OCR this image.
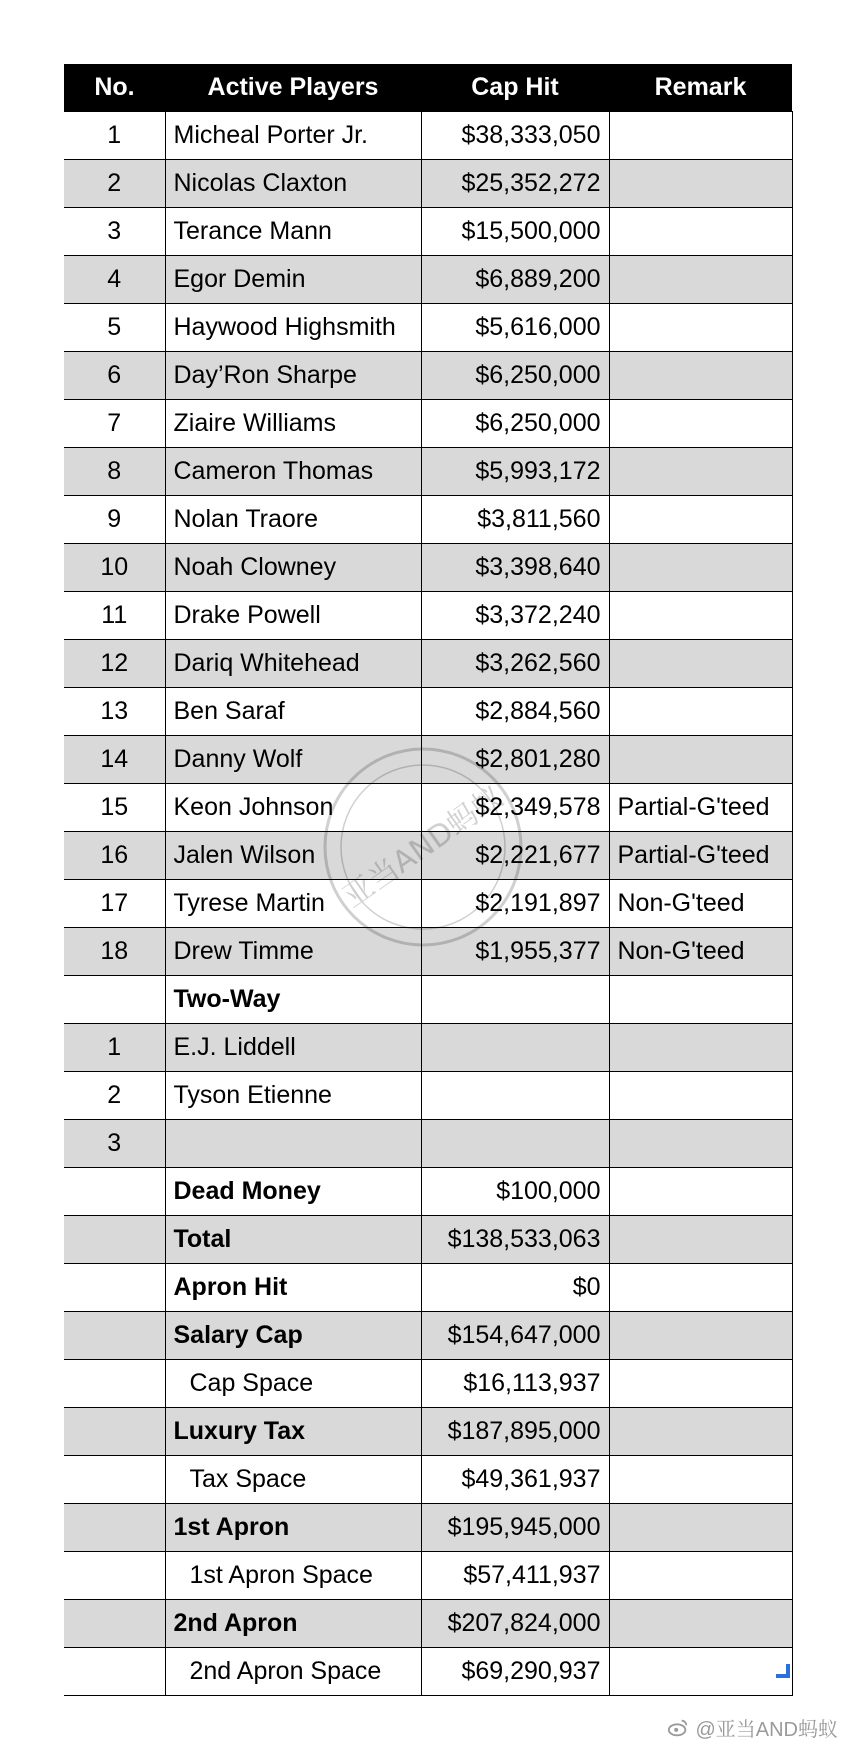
No.	Active Players	Cap Hit	Remark
1	Micheal Porter Jr.	$38,333,050	
2	Nicolas Claxton	$25,352,272	
3	Terance Mann	$15,500,000	
4	Egor Demin	$6,889,200	
5	Haywood Highsmith	$5,616,000	
6	Day’Ron Sharpe	$6,250,000	
7	Ziaire Williams	$6,250,000	
8	Cameron Thomas	$5,993,172	
9	Nolan Traore	$3,811,560	
10	Noah Clowney	$3,398,640	
11	Drake Powell	$3,372,240	
12	Dariq Whitehead	$3,262,560	
13	Ben Saraf	$2,884,560	
14	Danny Wolf	$2,801,280	
15	Keon Johnson	$2,349,578	Partial-G'teed
16	Jalen Wilson	$2,221,677	Partial-G'teed
17	Tyrese Martin	$2,191,897	Non-G'teed
18	Drew Timme	$1,955,377	Non-G'teed
	Two-Way		
1	E.J. Liddell		
2	Tyson Etienne		
3			
	Dead Money	$100,000	
	Total	$138,533,063	
	Apron Hit	$0	
	Salary Cap	$154,647,000	
	Cap Space	$16,113,937	
	Luxury Tax	$187,895,000	
	Tax Space	$49,361,937	
	1st Apron	$195,945,000	
	1st Apron Space	$57,411,937	
	2nd Apron	$207,824,000	
	2nd Apron Space	$69,290,937	
@亚当AND蚂蚁
